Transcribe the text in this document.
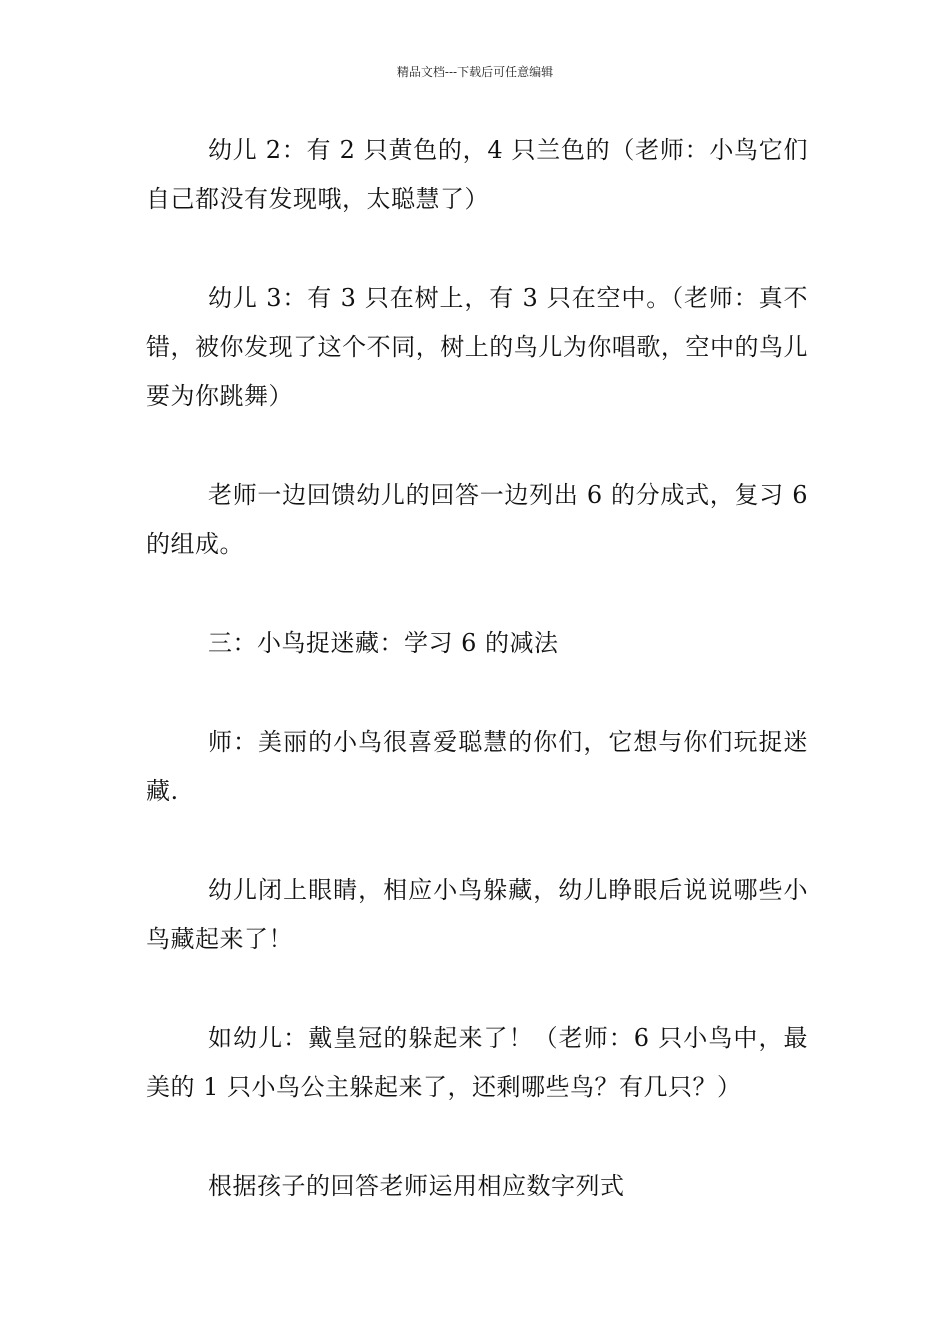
精品文档---下载后可任意编辑

幼儿 2：有 2 只黄色的，4 只兰色的（老师：小鸟它们自己都没有发现哦，太聪慧了）

幼儿 3：有 3 只在树上，有 3 只在空中。（老师：真不错，被你发现了这个不同，树上的鸟儿为你唱歌，空中的鸟儿要为你跳舞）

老师一边回馈幼儿的回答一边列出 6 的分成式，复习 6 的组成。

三：小鸟捉迷藏：学习 6 的减法

师：美丽的小鸟很喜爱聪慧的你们，它想与你们玩捉迷藏.

幼儿闭上眼睛，相应小鸟躲藏，幼儿睁眼后说说哪些小鸟藏起来了！

如幼儿：戴皇冠的躲起来了！（老师：6 只小鸟中，最美的 1 只小鸟公主躲起来了，还剩哪些鸟？有几只？）

根据孩子的回答老师运用相应数字列式
